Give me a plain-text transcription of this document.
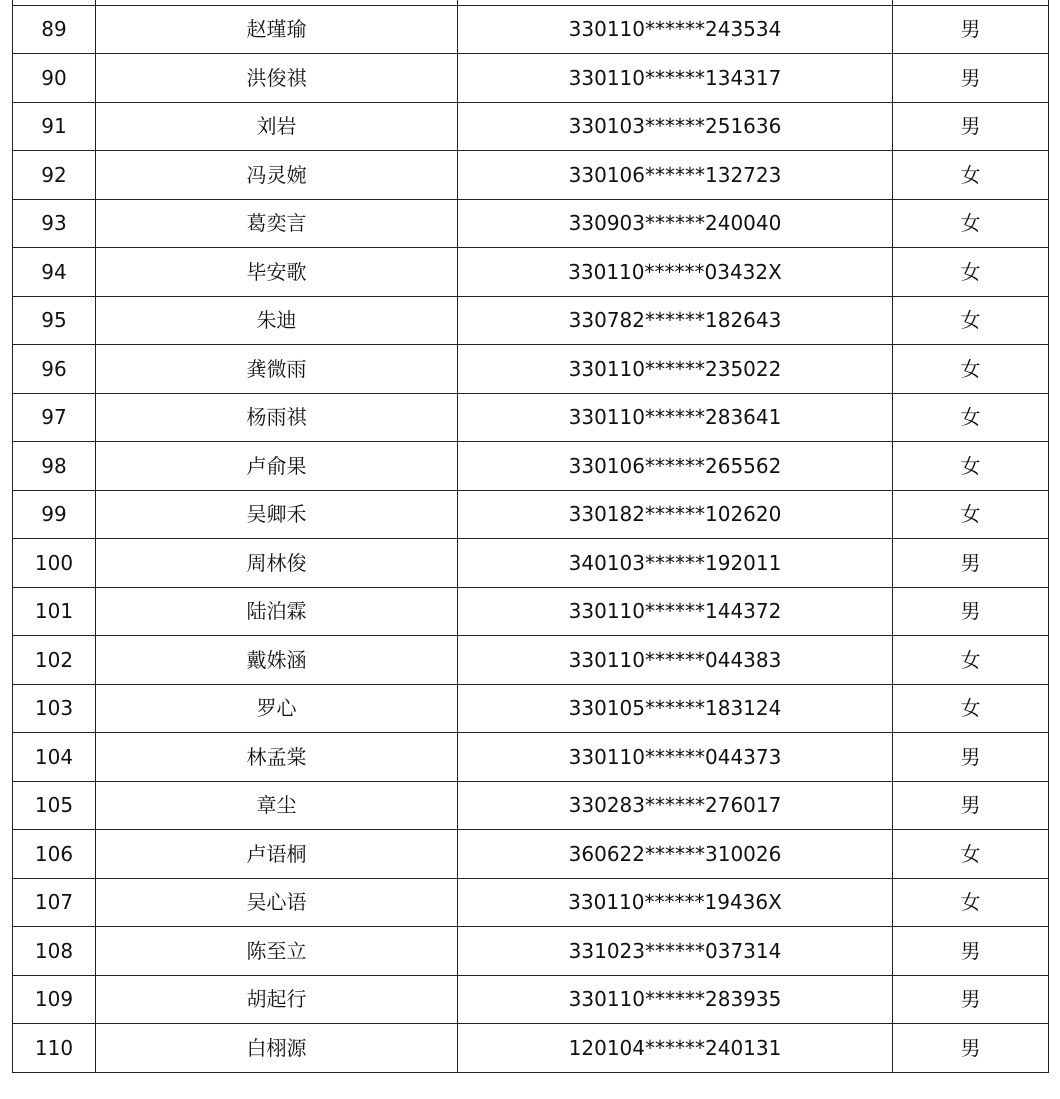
89	赵瑾瑜	330110******243534	男
90	洪俊祺	330110******134317	男
91	刘岩	330103******251636	男
92	冯灵婉	330106******132723	女
93	葛奕言	330903******240040	女
94	毕安歌	330110******03432X	女
95	朱迪	330782******182643	女
96	龚微雨	330110******235022	女
97	杨雨祺	330110******283641	女
98	卢俞果	330106******265562	女
99	吴卿禾	330182******102620	女
100	周林俊	340103******192011	男
101	陆泊霖	330110******144372	男
102	戴姝涵	330110******044383	女
103	罗心	330105******183124	女
104	林孟棠	330110******044373	男
105	章尘	330283******276017	男
106	卢语桐	360622******310026	女
107	吴心语	330110******19436X	女
108	陈至立	331023******037314	男
109	胡起行	330110******283935	男
110	白栩源	120104******240131	男
